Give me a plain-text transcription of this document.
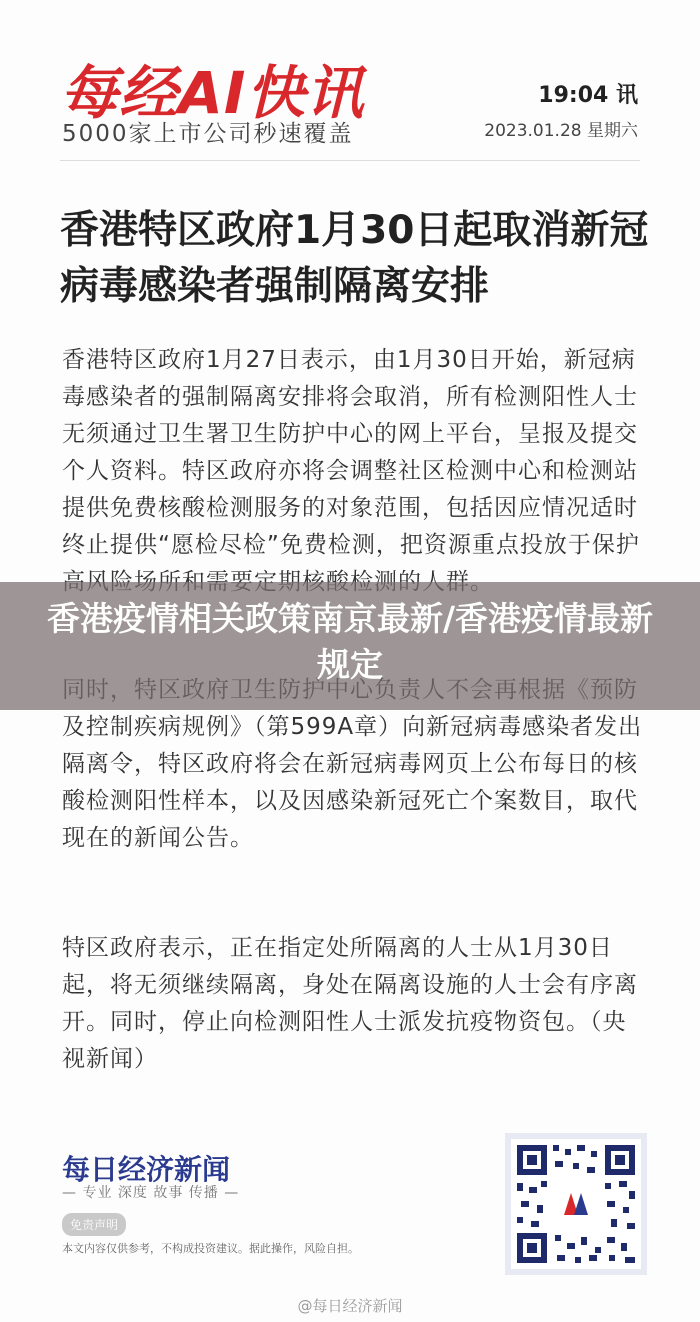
每经AI快讯
5000家上市公司秒速覆盖
19:04 讯
2023.01.28 星期六
香港特区政府1月30日起取消新冠病毒感染者强制隔离安排
香港特区政府1月27日表示，由1月30日开始，新冠病毒感染者的强制隔离安排将会取消，所有检测阳性人士无须通过卫生署卫生防护中心的网上平台，呈报及提交个人资料。特区政府亦将会调整社区检测中心和检测站提供免费核酸检测服务的对象范围，包括因应情况适时终止提供“愿检尽检”免费检测，把资源重点投放于保护
及控制疾病规例》（第599A章）向新冠病毒感染者发出隔离令，特区政府将会在新冠病毒网页上公布每日的核酸检测阳性样本，以及因感染新冠死亡个案数目，取代现在的新闻公告。
特区政府表示，正在指定处所隔离的人士从1月30日起，将无须继续隔离，身处在隔离设施的人士会有序离开。同时，停止向检测阳性人士派发抗疫物资包。（央视新闻）
香港疫情相关政策南京最新/香港疫情最新规定
每日经济新闻
— 专业 深度 故事 传播 —
免责声明
本文内容仅供参考，不构成投资建议。据此操作，风险自担。
@每日经济新闻
